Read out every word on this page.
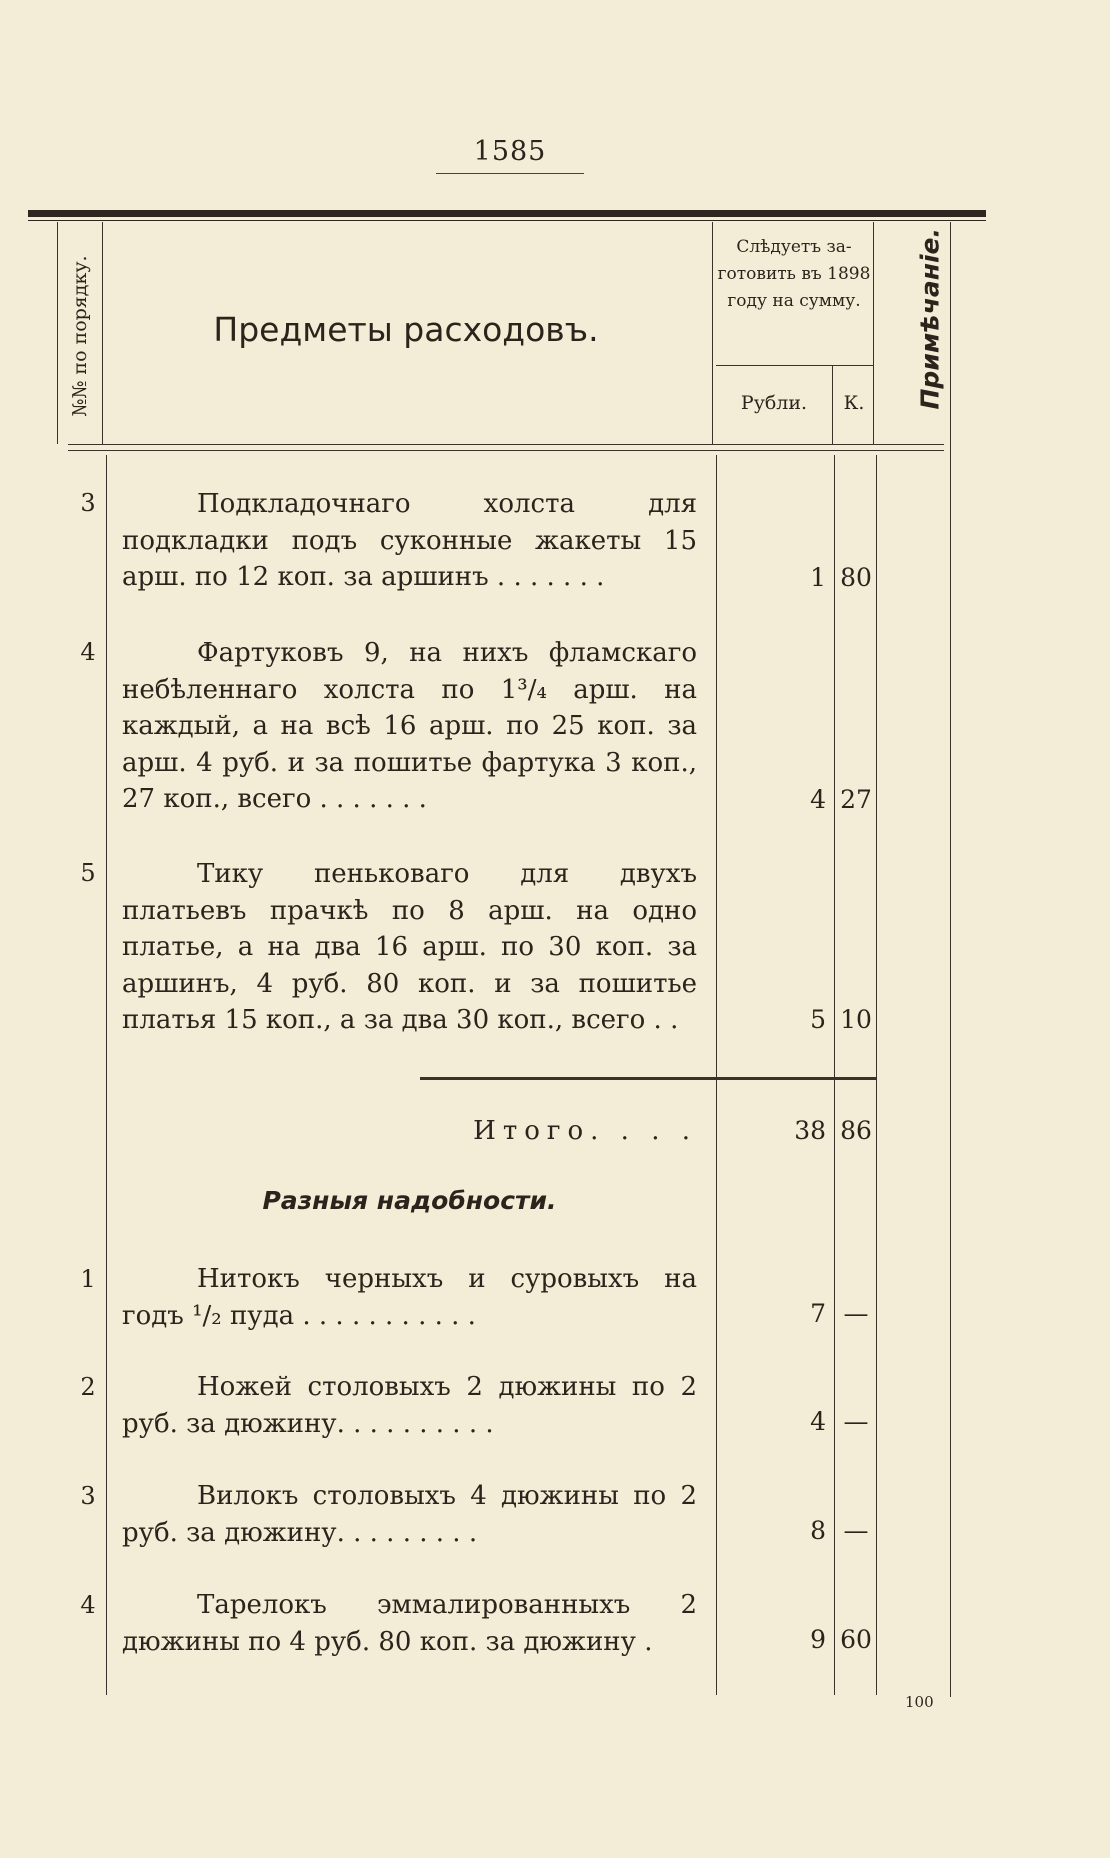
1585
№№ по порядку.	Предметы расходовъ.
Слѣдуетъ за-готовить въ 1898 году на сумму.
Рубли.	К.	Примѣчаніе.
3	Подкладочнаго холста для подкладки подъ суконные жакеты 15 арш. по 12 коп. за аршинъ . . . . . . .	1 80
4	Фартуковъ 9, на нихъ фламскаго небѣленнаго холста по 1³/₄ арш. на каждый, а на всѣ 16 арш. по 25 коп. за арш. 4 руб. и за пошитье фартука 3 коп., 27 коп., всего . . . . . . .	4 27
5	Тику пеньковаго для двухъ платьевъ прачкѣ по 8 арш. на одно платье, а на два 16 арш. по 30 коп. за аршинъ, 4 руб. 80 коп. и за пошитье платья 15 коп., а за два 30 коп., всего . .	5 10
Итого. . . .	38 86
Разныя надобности.
1	Нитокъ черныхъ и суровыхъ на годъ ¹/₂ пуда . . . . . . . . . . .	7 —
2	Ножей столовыхъ 2 дюжины по 2 руб. за дюжину. . . . . . . . . .	4 —
3	Вилокъ столовыхъ 4 дюжины по 2 руб. за дюжину. . . . . . . . .	8 —
4	Тарелокъ эммалированныхъ 2 дюжины по 4 руб. 80 коп. за дюжину .	9 60
100
